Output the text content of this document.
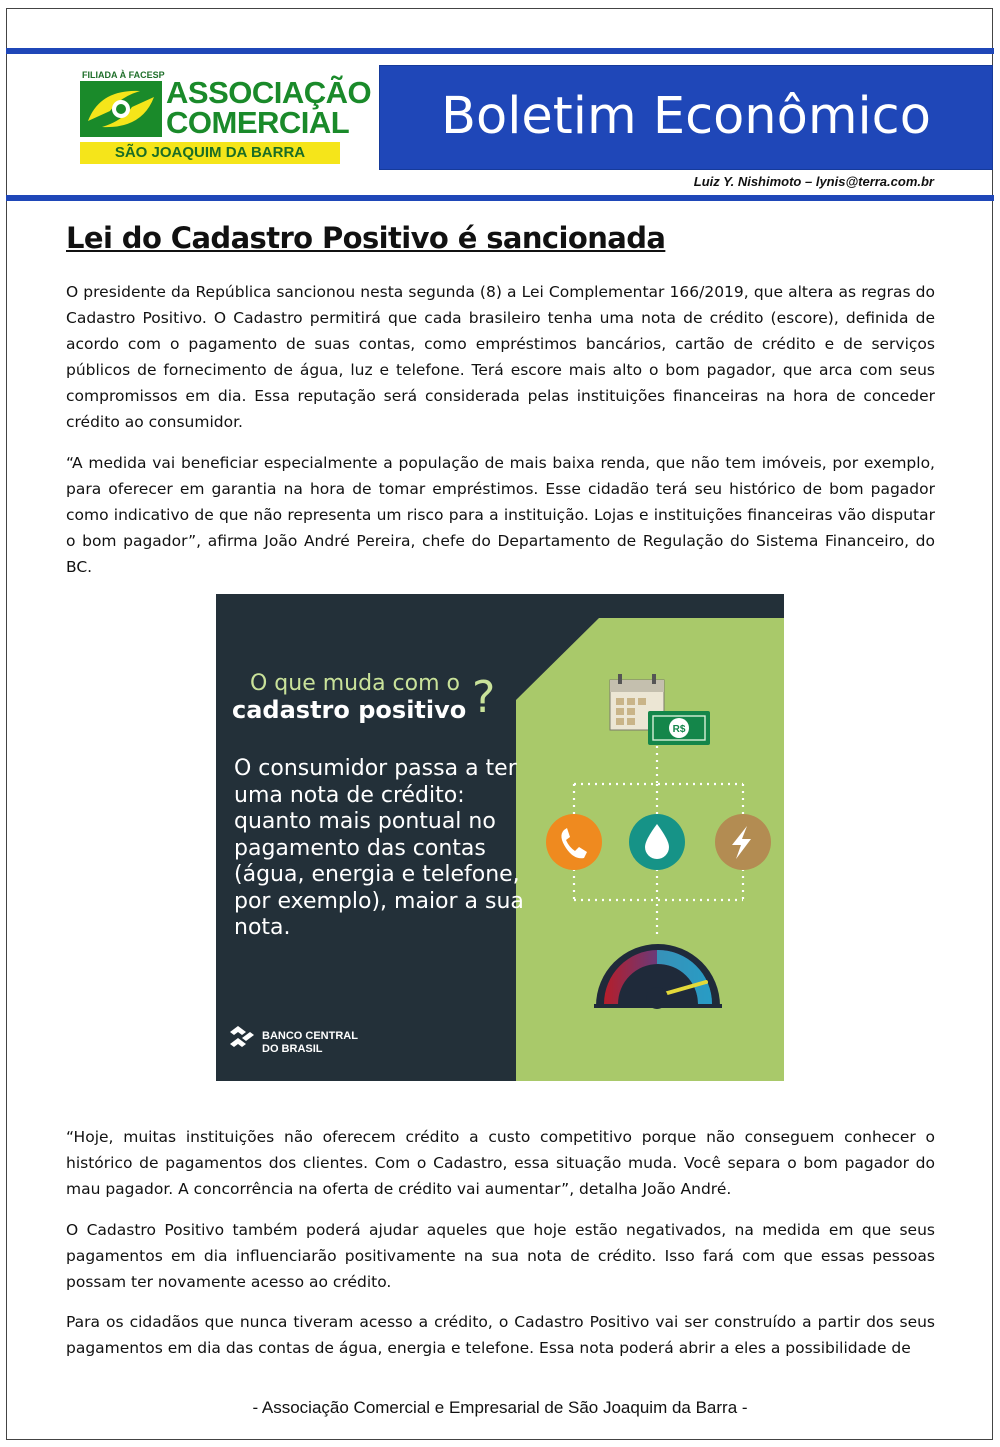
FILIADA À FACESP ASSOCIAÇÃO
COMERCIAL
SÃO JOAQUIM DA BARRA
Boletim Econômico
Luiz Y. Nishimoto – lynis@terra.com.br
Lei do Cadastro Positivo é sancionada

O presidente da República sancionou nesta segunda (8) a Lei Complementar 166/2019, que altera as regras do Cadastro Positivo. O Cadastro permitirá que cada brasileiro tenha uma nota de crédito (escore), definida de acordo com o pagamento de suas contas, como empréstimos bancários, cartão de crédito e de serviços públicos de fornecimento de água, luz e telefone. Terá escore mais alto o bom pagador, que arca com seus compromissos em dia. Essa reputação será considerada pelas instituições financeiras na hora de conceder crédito ao consumidor.

“A medida vai beneficiar especialmente a população de mais baixa renda, que não tem imóveis, por exemplo, para oferecer em garantia na hora de tomar empréstimos. Esse cidadão terá seu histórico de bom pagador como indicativo de que não representa um risco para a instituição. Lojas e instituições financeiras vão disputar o bom pagador”, afirma João André Pereira, chefe do Departamento de Regulação do Sistema Financeiro, do BC.

R$
O que muda com o
cadastro positivo ?

O consumidor passa a ter uma nota de crédito: quanto mais pontual no pagamento das contas (água, energia e telefone, por exemplo), maior a sua nota.

BANCO CENTRAL
DO BRASIL

“Hoje, muitas instituições não oferecem crédito a custo competitivo porque não conseguem conhecer o histórico de pagamentos dos clientes. Com o Cadastro, essa situação muda. Você separa o bom pagador do mau pagador. A concorrência na oferta de crédito vai aumentar”, detalha João André.

O Cadastro Positivo também poderá ajudar aqueles que hoje estão negativados, na medida em que seus pagamentos em dia influenciarão positivamente na sua nota de crédito. Isso fará com que essas pessoas possam ter novamente acesso ao crédito.

Para os cidadãos que nunca tiveram acesso a crédito, o Cadastro Positivo vai ser construído a partir dos seus pagamentos em dia das contas de água, energia e telefone. Essa nota poderá abrir a eles a possibilidade de

- Associação Comercial e Empresarial de São Joaquim da Barra -
